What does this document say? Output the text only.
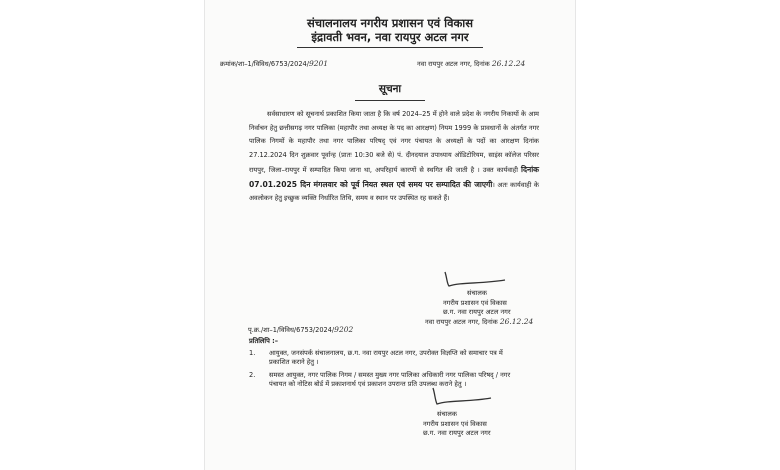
संचालनालय नगरीय प्रशासन एवं विकास
इंद्रावती भवन, नवा रायपुर अटल नगर
क्रमांक/शा–1/विविध/6753/2024/9201	नवा रायपुर अटल नगर, दिनांक 26.12.24
सूचना

सर्वसाधारण को सूचनार्थ प्रकाशित किया जाता है कि वर्ष 2024–25 में होने वाले प्रदेश के नगरीय निकायों के आम निर्वाचन हेतु छत्तीसगढ़ नगर पालिका (महापौर तथा अध्यक्ष के पद का आरक्षण) नियम 1999 के प्रावधानों के अंतर्गत नगर पालिक निगमों के महापौर तथा नगर पालिका परिषद् एवं नगर पंचायत के अध्यक्षों के पदों का आरक्षण दिनांक 27.12.2024 दिन शुक्रवार पूर्वान्ह (प्रातः 10:30 बजे से) पं. दीनदयाल उपाध्याय ऑडिटोरियम, साइंस कॉलेज परिसर रायपुर, जिला–रायपुर में सम्पादित किया जाना था, अपरिहार्य कारणों से स्थगित की जाती है । उक्त कार्यवाही दिनांक 07.01.2025 दिन मंगलवार को पूर्व नियत स्थल एवं समय पर सम्पादित की जाएगी। अतः कार्यवाही के अवलोकन हेतु इच्छुक व्यक्ति निर्धारित तिथि, समय व स्थान पर उपस्थित रह सकते हैं।

संचालक
नगरीय प्रशासन एवं विकास
छ.ग. नवा रायपुर अटल नगर
नवा रायपुर अटल नगर, दिनांक 26.12.24
पृ.क्र./शा–1/विविध/6753/2024/9202
प्रतिलिपि :–
1.	आयुक्त, जनसंपर्क संचालनालय, छ.ग. नवा रायपुर अटल नगर, उपरोक्त विज्ञप्ति को समाचार पत्र में प्रकाशित कराने हेतु ।
2.	समस्त आयुक्त, नगर पालिक निगम / समस्त मुख्य नगर पालिका अधिकारी नगर पालिका परिषद् / नगर पंचायत को नोटिस बोर्ड में प्रकाशनार्थ एवं प्रकाशन उपरान्त प्रति उपलब्ध कराने हेतु ।
संचालक
नगरीय प्रशासन एवं विकास
छ.ग. नवा रायपुर अटल नगर
